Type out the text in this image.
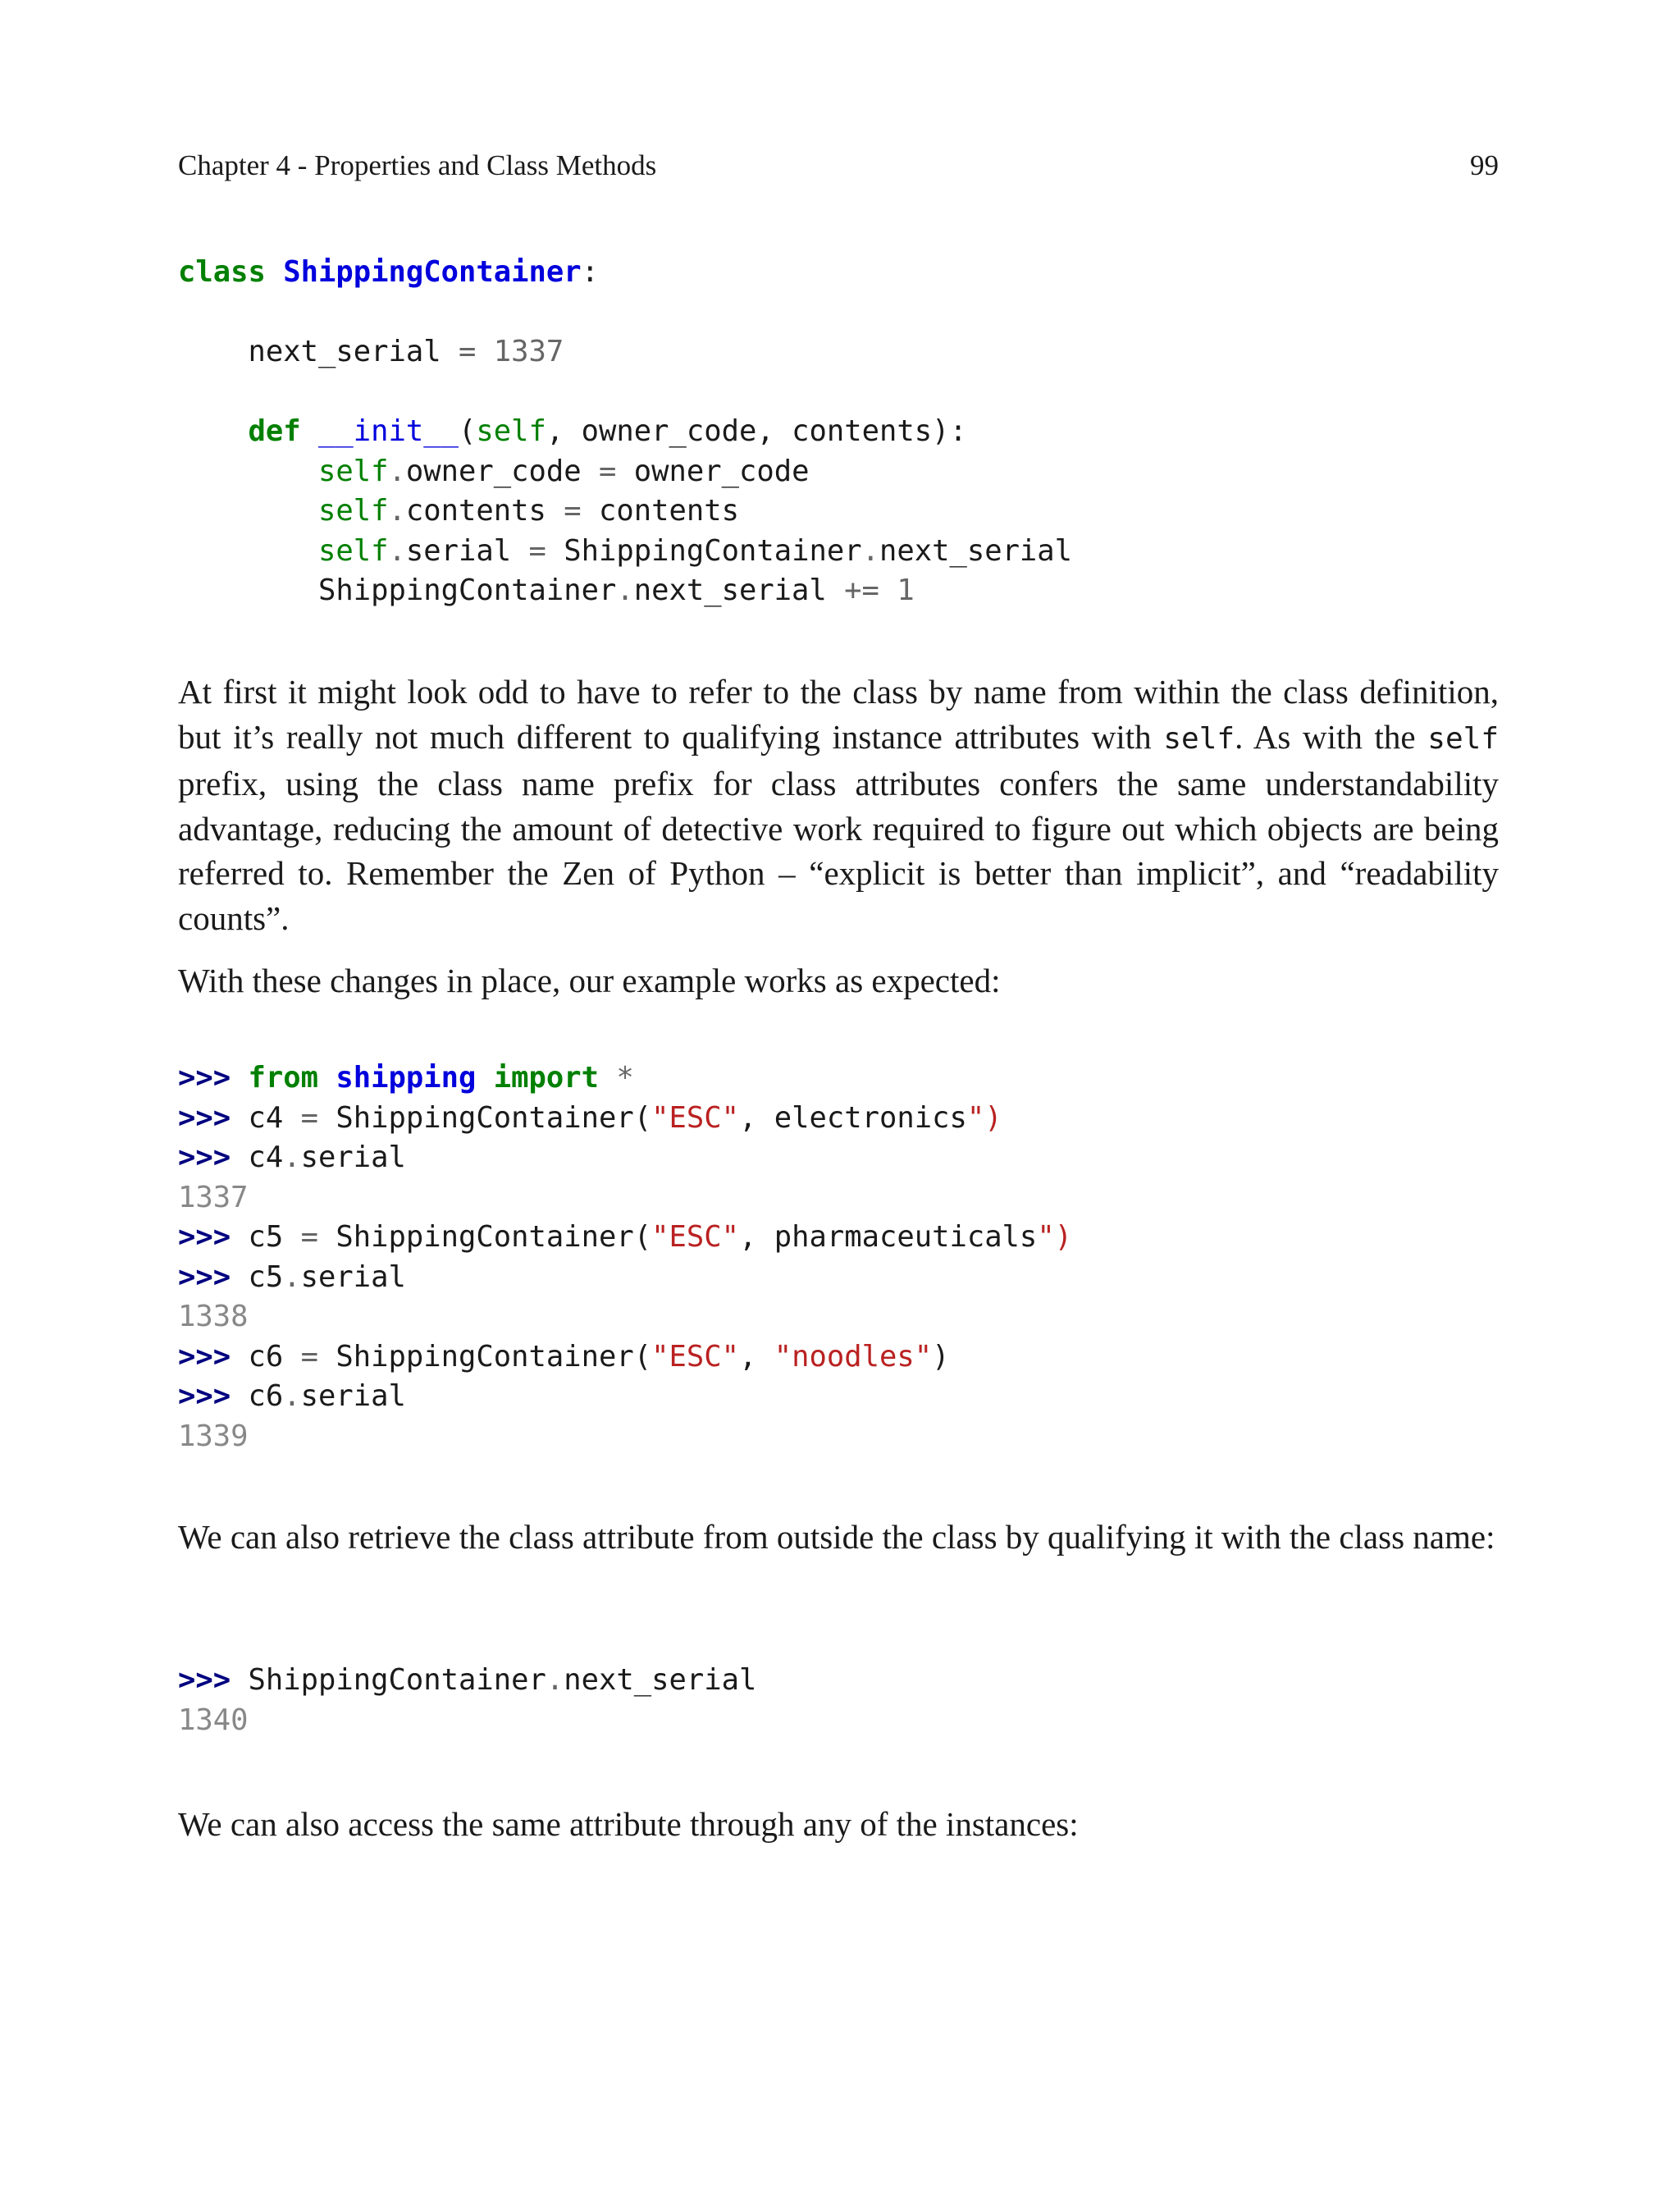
Chapter 4 - Properties and Class Methods	99
class ShippingContainer:

next_serial = 1337

def __init__(self, owner_code, contents):
self.owner_code = owner_code
self.contents = contents
self.serial = ShippingContainer.next_serial
ShippingContainer.next_serial += 1

At first it might look odd to have to refer to the class by name from within the class definition, but it’s really not much different to qualifying instance attributes with self. As with the self prefix, using the class name prefix for class attributes confers the same understandability advantage, reducing the amount of detective work required to figure out which objects are being referred to. Remember the Zen of Python – “explicit is better than implicit”, and “readability counts”.

With these changes in place, our example works as expected:

>>> from shipping import *
>>> c4 = ShippingContainer("ESC", electronics")
>>> c4.serial
1337
>>> c5 = ShippingContainer("ESC", pharmaceuticals")
>>> c5.serial
1338
>>> c6 = ShippingContainer("ESC", "noodles")
>>> c6.serial
1339

We can also retrieve the class attribute from outside the class by qualifying it with the class name:

>>> ShippingContainer.next_serial
1340

We can also access the same attribute through any of the instances:
